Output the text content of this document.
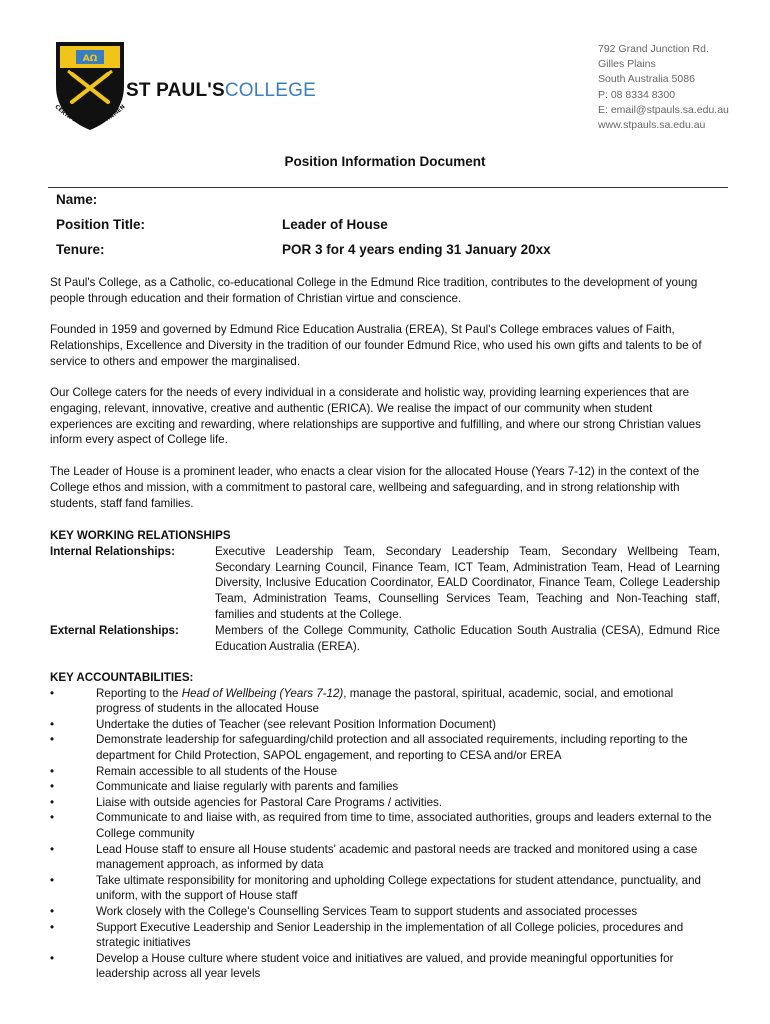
ΑΩ
CERTA BONUM CERTAMEN
ST PAUL'SCOLLEGE
792 Grand Junction Rd.
Gilles Plains
South Australia 5086
P: 08 8334 8300
E: email@stpauls.sa.edu.au
www.stpauls.sa.edu.au
Position Information Document
Name:
Position Title:	Leader of House
Tenure:	POR 3 for 4 years ending 31 January 20xx
St Paul's College, as a Catholic, co-educational College in the Edmund Rice tradition, contributes to the development of young people through education and their formation of Christian virtue and conscience.
Founded in 1959 and governed by Edmund Rice Education Australia (EREA), St Paul's College embraces values of Faith, Relationships, Excellence and Diversity in the tradition of our founder Edmund Rice, who used his own gifts and talents to be of service to others and empower the marginalised.
Our College caters for the needs of every individual in a considerate and holistic way, providing learning experiences that are engaging, relevant, innovative, creative and authentic (ERICA). We realise the impact of our community when student experiences are exciting and rewarding, where relationships are supportive and fulfilling, and where our strong Christian values inform every aspect of College life.
The Leader of House is a prominent leader, who enacts a clear vision for the allocated House (Years 7-12) in the context of the College ethos and mission, with a commitment to pastoral care, wellbeing and safeguarding, and in strong relationship with students, staff fand families.
KEY WORKING RELATIONSHIPS
Internal Relationships:	Executive Leadership Team, Secondary Leadership Team, Secondary Wellbeing Team, Secondary Learning Council, Finance Team, ICT Team, Administration Team, Head of Learning Diversity, Inclusive Education Coordinator, EALD Coordinator, Finance Team, College Leadership Team, Administration Teams, Counselling Services Team, Teaching and Non-Teaching staff, families and students at the College.
External Relationships:	Members of the College Community, Catholic Education South Australia (CESA), Edmund Rice Education Australia (EREA).
KEY ACCOUNTABILITIES:
•	Reporting to the Head of Wellbeing (Years 7-12), manage the pastoral, spiritual, academic, social, and emotional progress of students in the allocated House
•	Undertake the duties of Teacher (see relevant Position Information Document)
•	Demonstrate leadership for safeguarding/child protection and all associated requirements, including reporting to the department for Child Protection, SAPOL engagement, and reporting to CESA and/or EREA
•	Remain accessible to all students of the House
•	Communicate and liaise regularly with parents and families
•	Liaise with outside agencies for Pastoral Care Programs / activities.
•	Communicate to and liaise with, as required from time to time, associated authorities, groups and leaders external to the College community
•	Lead House staff to ensure all House students' academic and pastoral needs are tracked and monitored using a case management approach, as informed by data
•	Take ultimate responsibility for monitoring and upholding College expectations for student attendance, punctuality, and uniform, with the support of House staff
•	Work closely with the College's Counselling Services Team to support students and associated processes
•	Support Executive Leadership and Senior Leadership in the implementation of all College policies, procedures and strategic initiatives
•	Develop a House culture where student voice and initiatives are valued, and provide meaningful opportunities for leadership across all year levels
